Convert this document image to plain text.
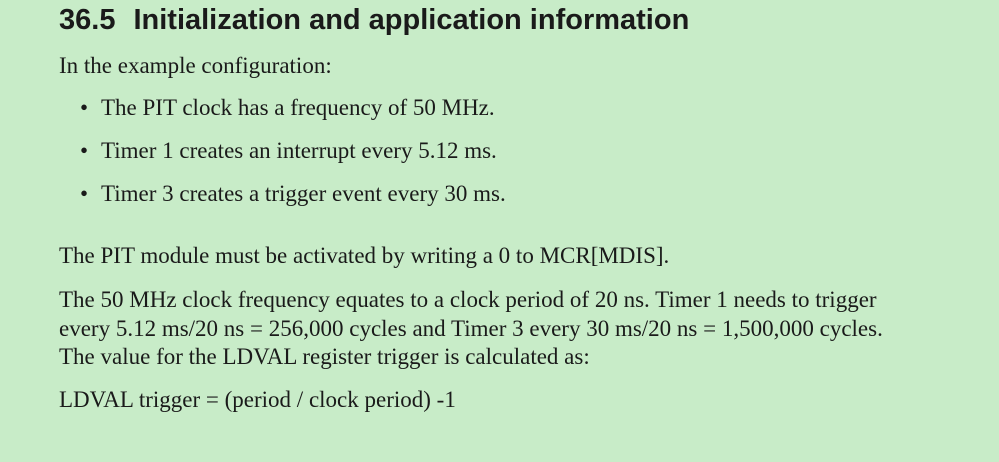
36.5 Initialization and application information

In the example configuration:

• The PIT clock has a frequency of 50 MHz.
• Timer 1 creates an interrupt every 5.12 ms.
• Timer 3 creates a trigger event every 30 ms.

The PIT module must be activated by writing a 0 to MCR[MDIS].

The 50 MHz clock frequency equates to a clock period of 20 ns. Timer 1 needs to trigger
every 5.12 ms/20 ns = 256,000 cycles and Timer 3 every 30 ms/20 ns = 1,500,000 cycles.
The value for the LDVAL register trigger is calculated as:

LDVAL trigger = (period / clock period) -1
